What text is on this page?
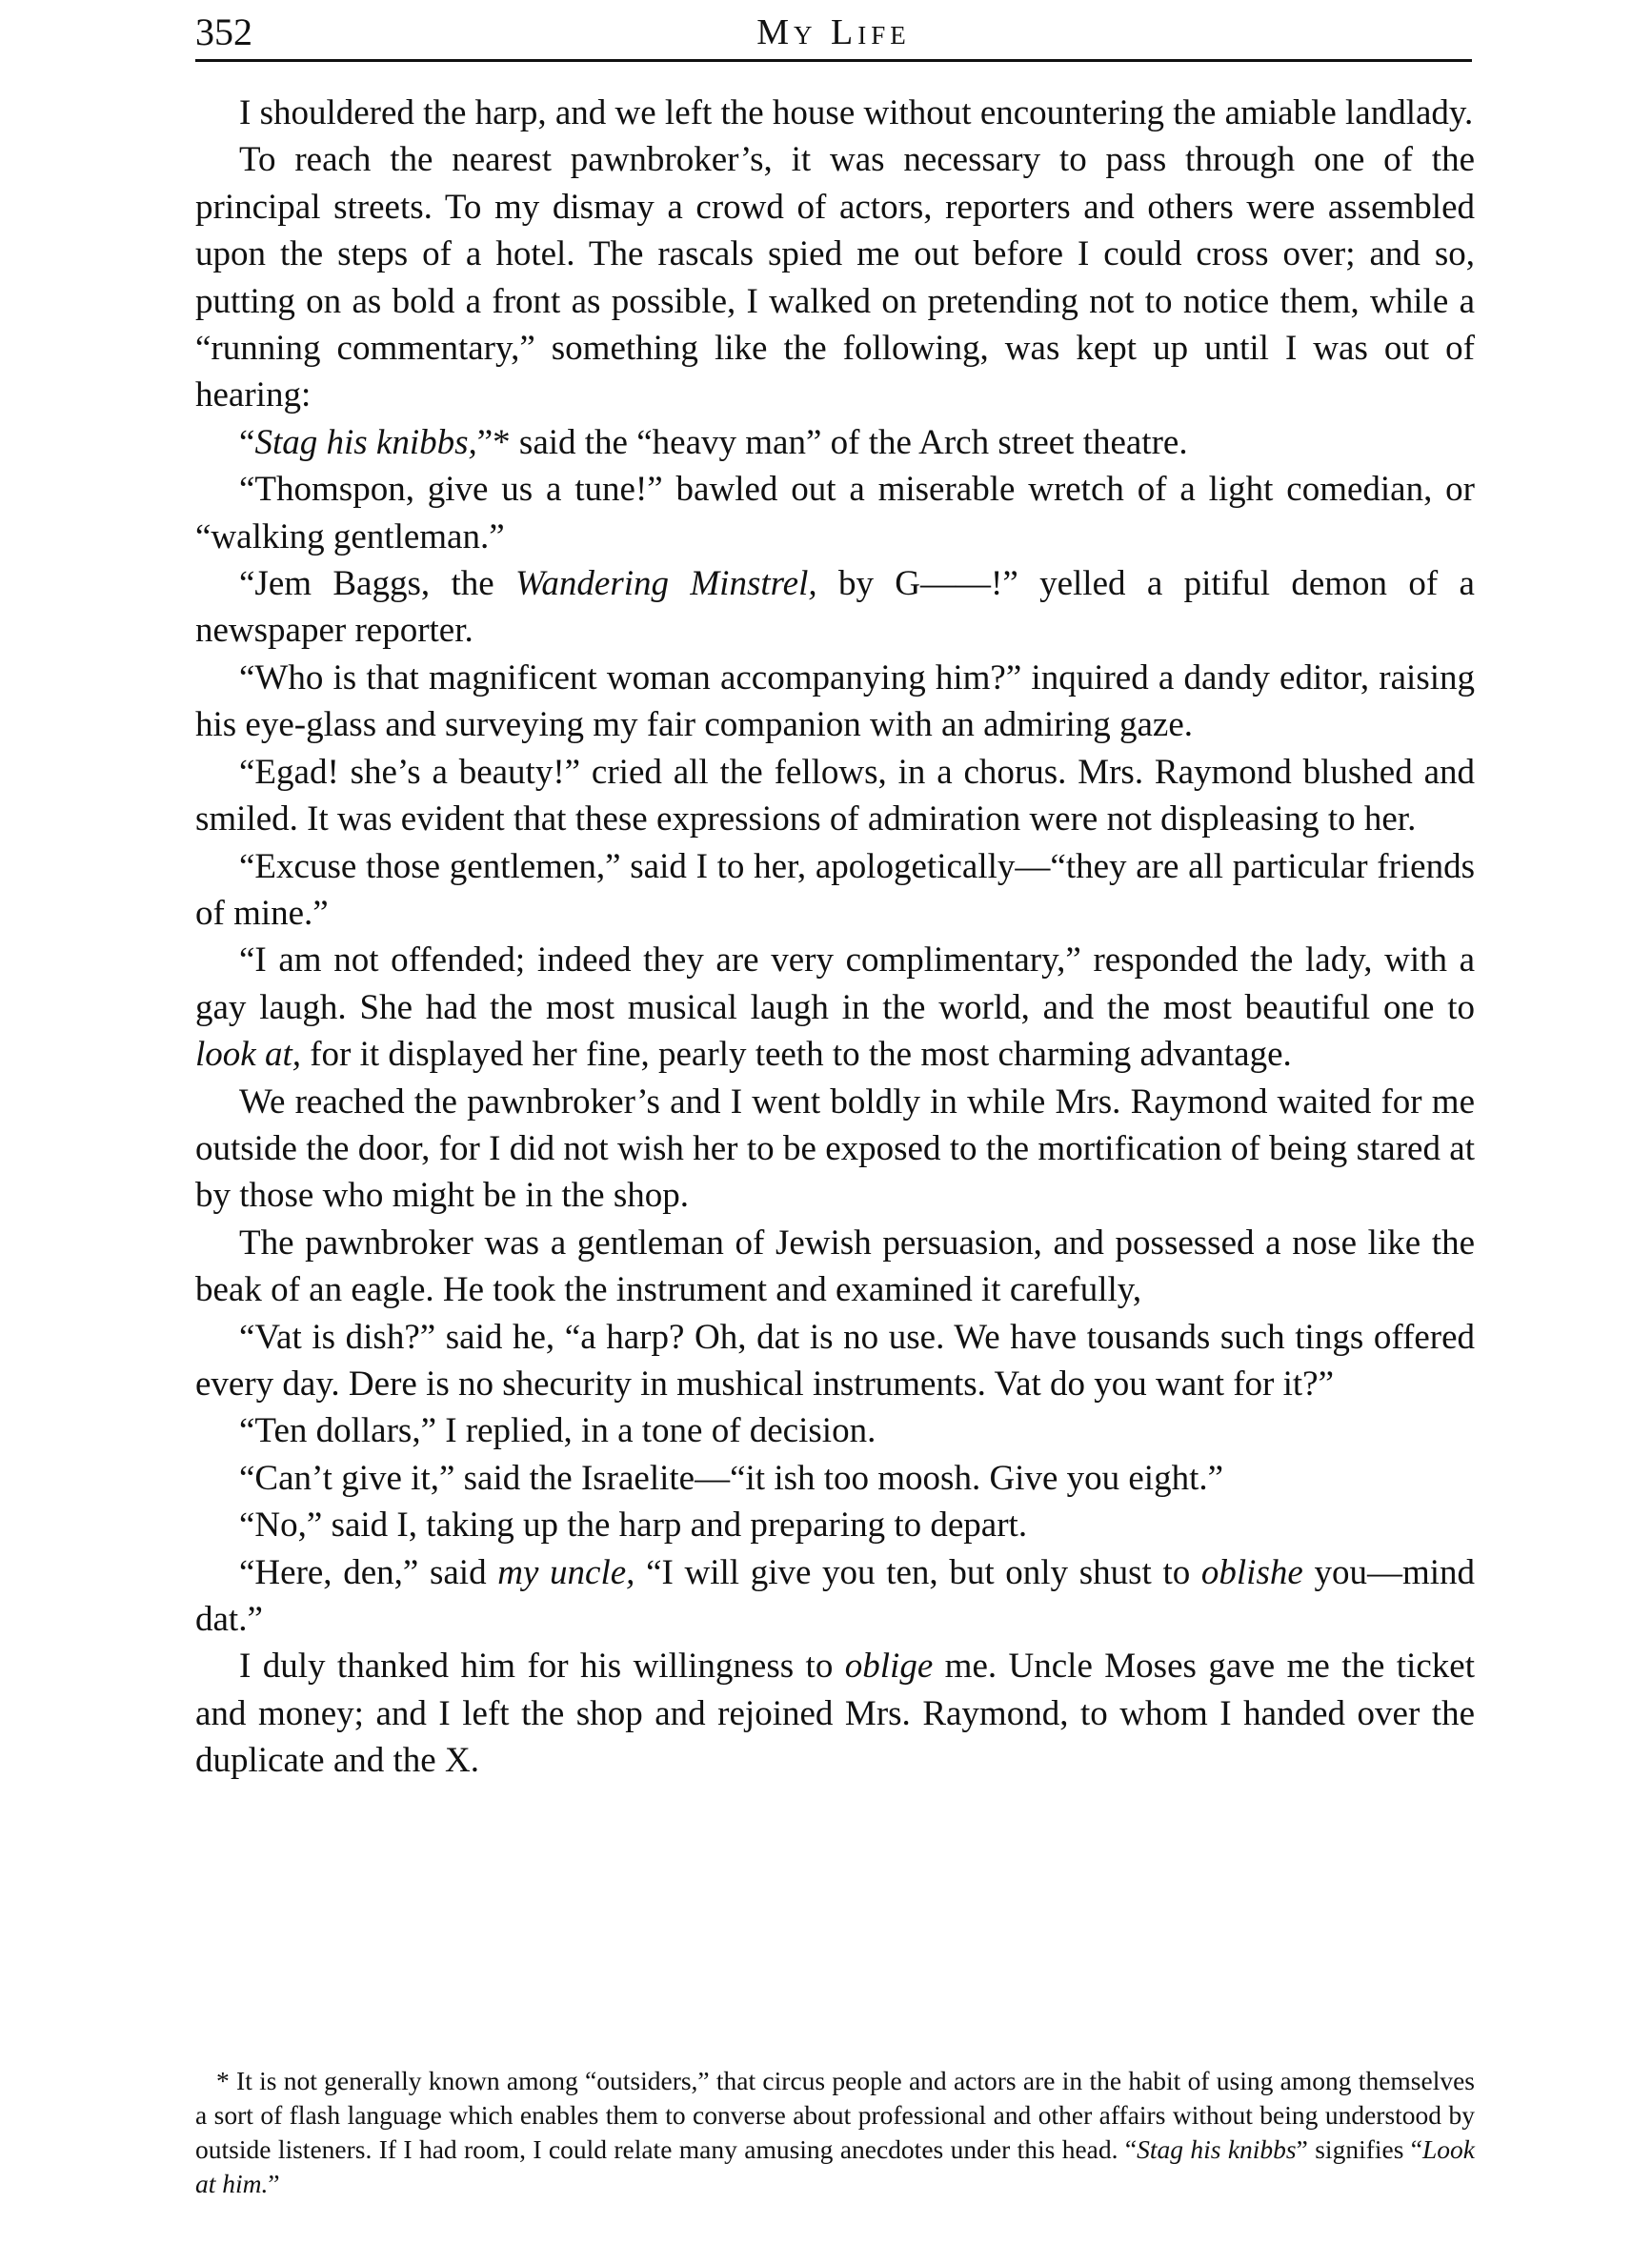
352	My Life

I shouldered the harp, and we left the house without encountering the amiable landlady.

To reach the nearest pawnbroker’s, it was necessary to pass through one of the principal streets. To my dismay a crowd of actors, reporters and others were assembled upon the steps of a hotel. The rascals spied me out before I could cross over; and so, putting on as bold a front as possible, I walked on pretending not to notice them, while a “running commentary,” something like the following, was kept up until I was out of hearing:

“Stag his knibbs,”* said the “heavy man” of the Arch street theatre.

“Thomspon, give us a tune!” bawled out a miserable wretch of a light comedian, or “walking gentleman.”

“Jem Baggs, the Wandering Minstrel, by G——!” yelled a pitiful demon of a newspaper reporter.

“Who is that magnificent woman accompanying him?” inquired a dandy editor, raising his eye-glass and surveying my fair companion with an admiring gaze.

“Egad! she’s a beauty!” cried all the fellows, in a chorus. Mrs. Raymond blushed and smiled. It was evident that these expressions of admiration were not displeasing to her.

“Excuse those gentlemen,” said I to her, apologetically—“they are all particular friends of mine.”

“I am not offended; indeed they are very complimentary,” responded the lady, with a gay laugh. She had the most musical laugh in the world, and the most beautiful one to look at, for it displayed her fine, pearly teeth to the most charming advantage.

We reached the pawnbroker’s and I went boldly in while Mrs. Raymond waited for me outside the door, for I did not wish her to be exposed to the mortification of being stared at by those who might be in the shop.

The pawnbroker was a gentleman of Jewish persuasion, and possessed a nose like the beak of an eagle. He took the instrument and examined it carefully,

“Vat is dish?” said he, “a harp? Oh, dat is no use. We have tousands such tings offered every day. Dere is no shecurity in mushical instruments. Vat do you want for it?”

“Ten dollars,” I replied, in a tone of decision.

“Can’t give it,” said the Israelite—“it ish too moosh. Give you eight.”

“No,” said I, taking up the harp and preparing to depart.

“Here, den,” said my uncle, “I will give you ten, but only shust to oblishe you—mind dat.”

I duly thanked him for his willingness to oblige me. Uncle Moses gave me the ticket and money; and I left the shop and rejoined Mrs. Raymond, to whom I handed over the duplicate and the X.

* It is not generally known among “outsiders,” that circus people and actors are in the habit of using among themselves a sort of flash language which enables them to converse about professional and other affairs without being understood by outside listeners. If I had room, I could relate many amusing anecdotes under this head. “Stag his knibbs” signifies “Look at him.”
